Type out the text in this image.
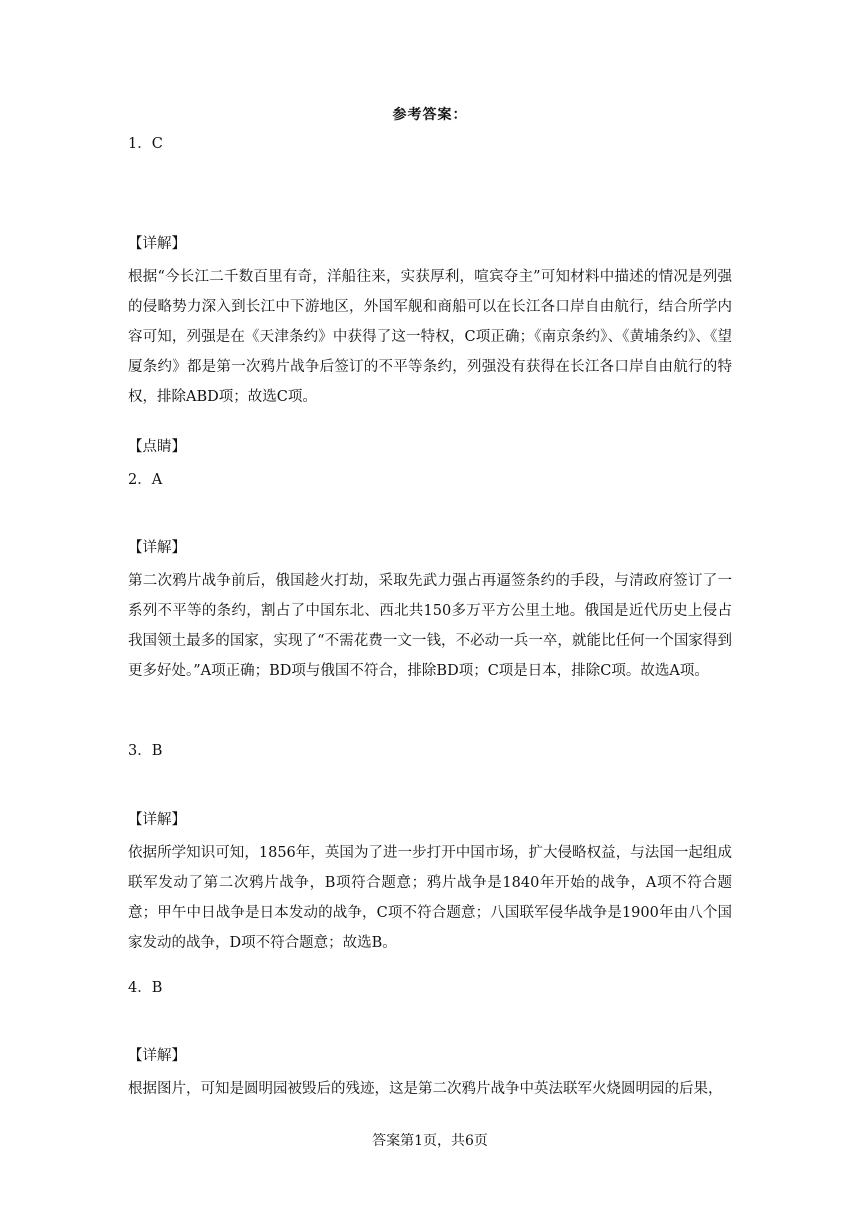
参考答案：
1．C
【详解】
根据“今长江二千数百里有奇，洋船往来，实获厚利，喧宾夺主”可知材料中描述的情况是列强的侵略势力深入到长江中下游地区，外国军舰和商船可以在长江各口岸自由航行，结合所学内容可知，列强是在《天津条约》中获得了这一特权，C项正确；《南京条约》、《黄埔条约》、《望厦条约》都是第一次鸦片战争后签订的不平等条约，列强没有获得在长江各口岸自由航行的特权，排除ABD项；故选C项。
【点睛】
2．A
【详解】
第二次鸦片战争前后，俄国趁火打劫，采取先武力强占再逼签条约的手段，与清政府签订了一系列不平等的条约，割占了中国东北、西北共150多万平方公里土地。俄国是近代历史上侵占我国领土最多的国家，实现了“不需花费一文一钱，不必动一兵一卒，就能比任何一个国家得到更多好处。”A项正确；BD项与俄国不符合，排除BD项；C项是日本，排除C项。故选A项。
3．B
【详解】
依据所学知识可知，1856年，英国为了进一步打开中国市场，扩大侵略权益，与法国一起组成联军发动了第二次鸦片战争，B项符合题意；鸦片战争是1840年开始的战争，A项不符合题意；甲午中日战争是日本发动的战争，C项不符合题意；八国联军侵华战争是1900年由八个国家发动的战争，D项不符合题意；故选B。
4．B
【详解】
根据图片，可知是圆明园被毁后的残迹，这是第二次鸦片战争中英法联军火烧圆明园的后果，
答案第1页，共6页
